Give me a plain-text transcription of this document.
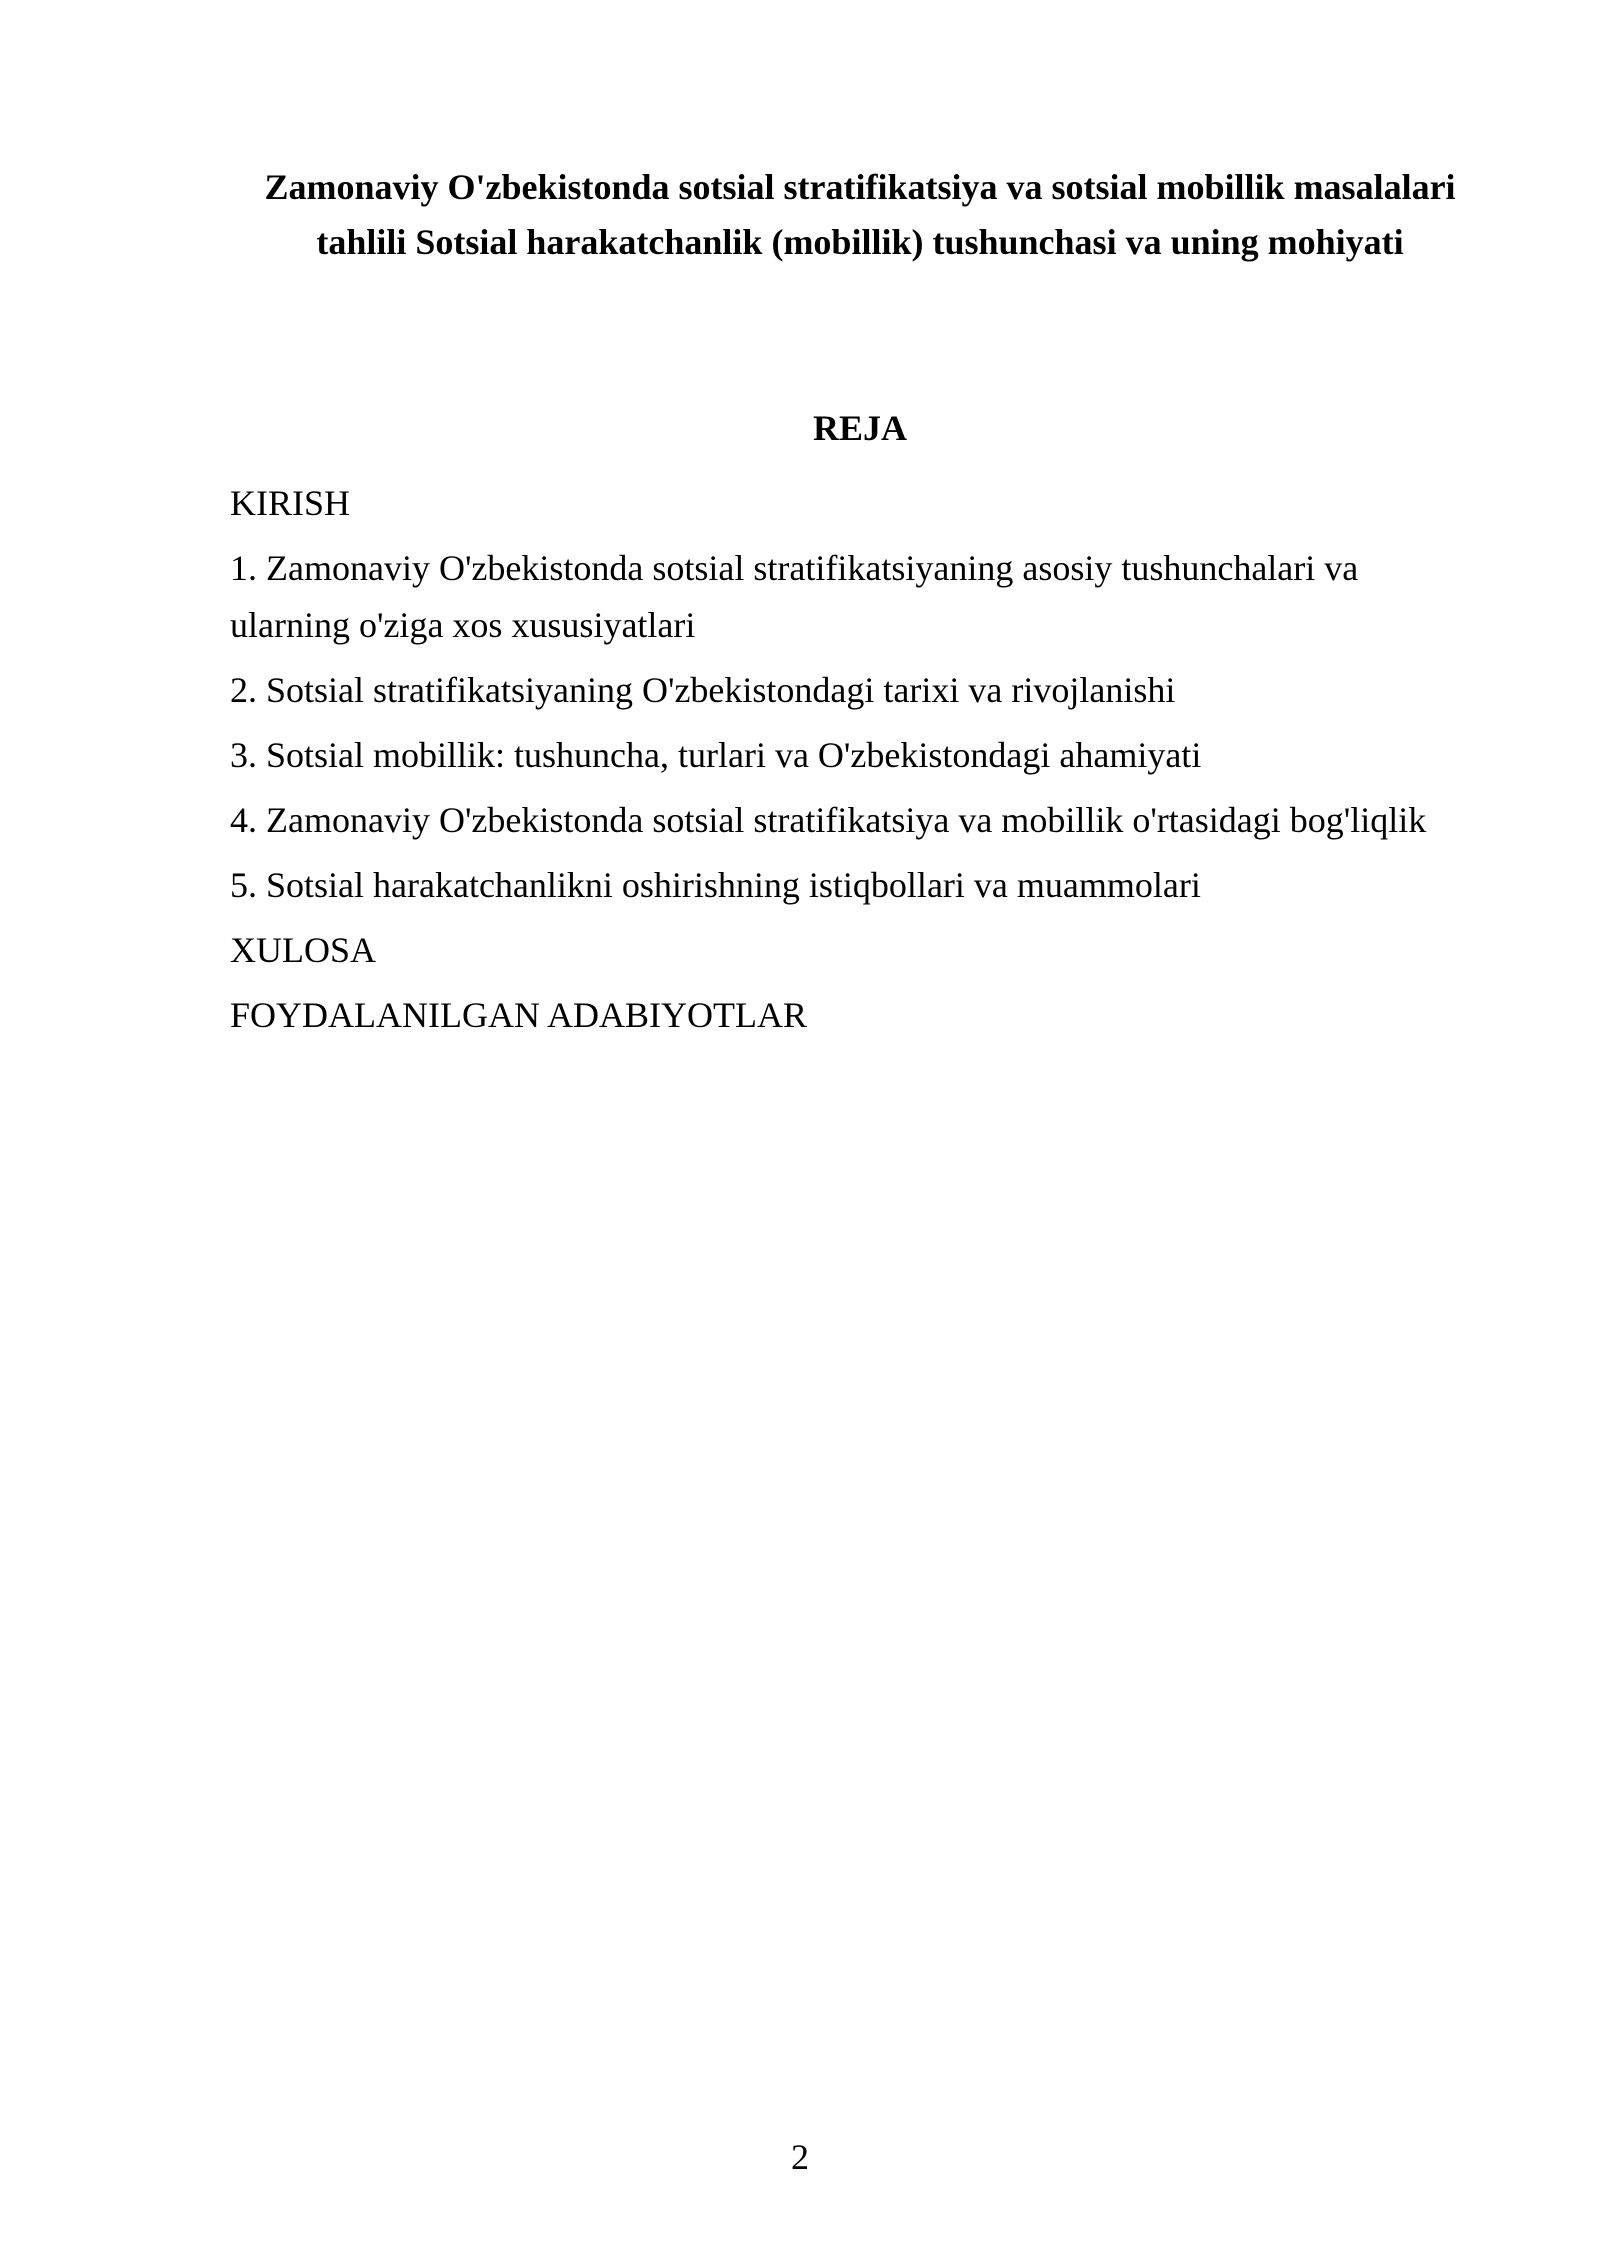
Zamonaviy O'zbekistonda sotsial stratifikatsiya va sotsial mobillik masalalari
tahlili Sotsial harakatchanlik (mobillik) tushunchasi va uning mohiyati
REJA
KIRISH
1. Zamonaviy O'zbekistonda sotsial stratifikatsiyaning asosiy tushunchalari va
ularning o'ziga xos xususiyatlari
2. Sotsial stratifikatsiyaning O'zbekistondagi tarixi va rivojlanishi
3. Sotsial mobillik: tushuncha, turlari va O'zbekistondagi ahamiyati
4. Zamonaviy O'zbekistonda sotsial stratifikatsiya va mobillik o'rtasidagi bog'liqlik
5. Sotsial harakatchanlikni oshirishning istiqbollari va muammolari
XULOSA
FOYDALANILGAN ADABIYOTLAR

2
